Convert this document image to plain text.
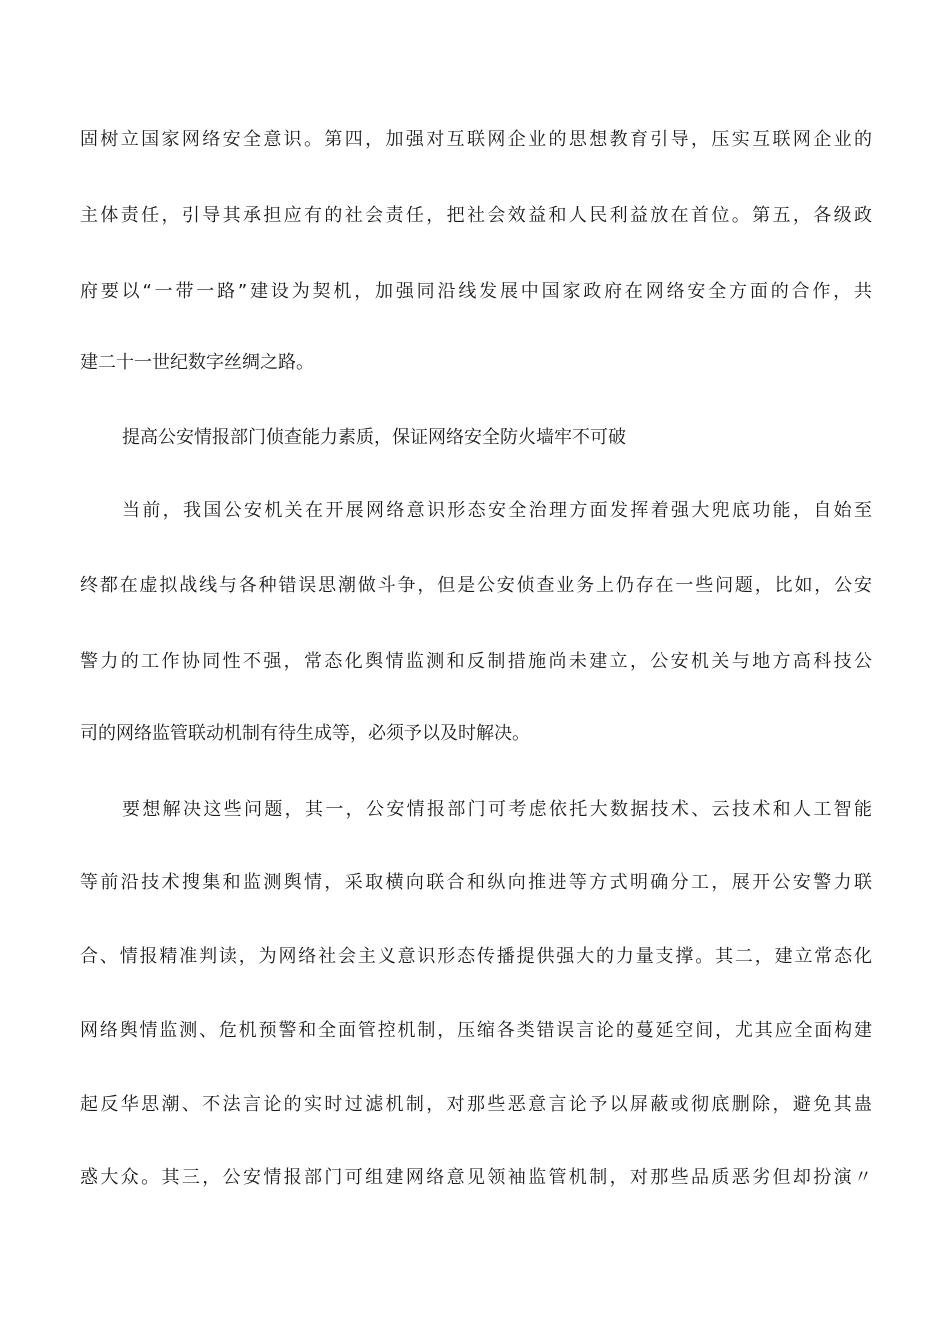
固树立国家网络安全意识。第四，加强对互联网企业的思想教育引导，压实互联网企业的
主体责任，引导其承担应有的社会责任，把社会效益和人民利益放在首位。第五，各级政
府要以“一带一路”建设为契机，加强同沿线发展中国家政府在网络安全方面的合作，共
建二十一世纪数字丝绸之路。
提高公安情报部门侦查能力素质，保证网络安全防火墙牢不可破
当前，我国公安机关在开展网络意识形态安全治理方面发挥着强大兜底功能，自始至
终都在虚拟战线与各种错误思潮做斗争，但是公安侦查业务上仍存在一些问题，比如，公安
警力的工作协同性不强，常态化舆情监测和反制措施尚未建立，公安机关与地方高科技公
司的网络监管联动机制有待生成等，必须予以及时解决。
要想解决这些问题，其一，公安情报部门可考虑依托大数据技术、云技术和人工智能
等前沿技术搜集和监测舆情，采取横向联合和纵向推进等方式明确分工，展开公安警力联
合、情报精准判读，为网络社会主义意识形态传播提供强大的力量支撑。其二，建立常态化
网络舆情监测、危机预警和全面管控机制，压缩各类错误言论的蔓延空间，尤其应全面构建
起反华思潮、不法言论的实时过滤机制，对那些恶意言论予以屏蔽或彻底删除，避免其蛊
惑大众。其三，公安情报部门可组建网络意见领袖监管机制，对那些品质恶劣但却扮演〃
